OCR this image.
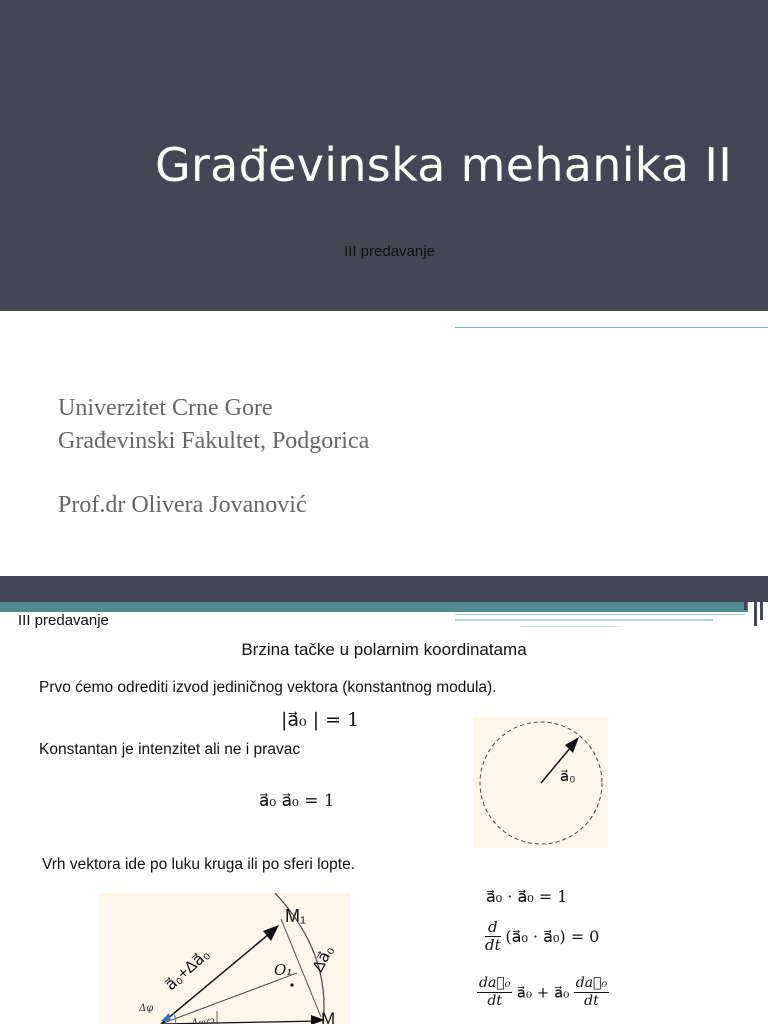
Građevinska mehanika II
III predavanje
Univerzitet Crne Gore
Građevinski Fakultet, Podgorica
Prof.dr Olivera Jovanović
III predavanje
Brzina tačke u polarnim koordinatama
Prvo ćemo odrediti izvod jediničnog vektora (konstantnog modula).
|a⃗₀ | = 1
Konstantan je intenzitet ali ne i pravac
a⃗₀ a⃗₀ = 1
Vrh vektora ide po luku kruga ili po sferi lopte.
a⃗₀ · a⃗₀ = 1
$\frac{d}{dt}$ (a⃗₀ · a⃗₀) = 0
$\frac{\text{da⃗₀}}{dt}$ a⃗₀ + a⃗₀ $\frac{\text{da⃗₀}}{dt}$
a⃗₀
M₁
M
O₁
a⃗₀+Δa⃗₀	Δa⃗₀
Δφ
Δφ/2
